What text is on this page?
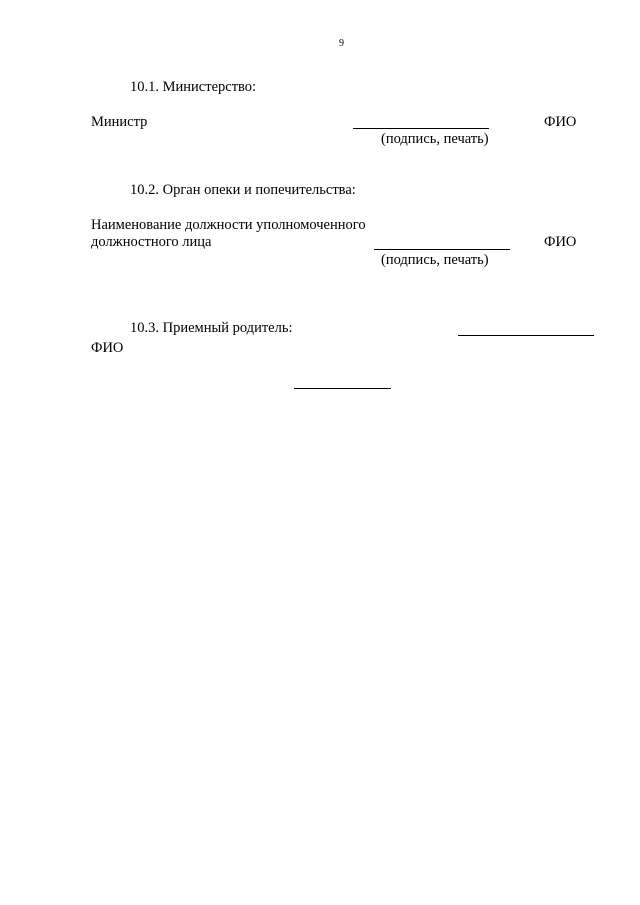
9
10.1. Министерство:
Министр	ФИО
(подпись, печать)
10.2. Орган опеки и попечительства:
Наименование должности уполномоченного
должностного лица	ФИО
(подпись, печать)
10.3. Приемный родитель:
ФИО
